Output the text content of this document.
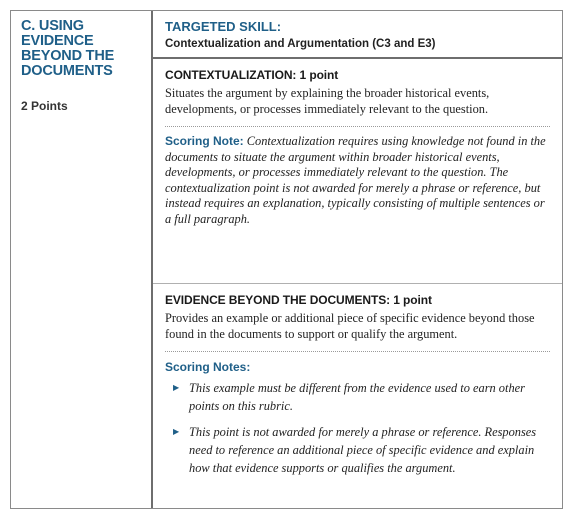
C. USING EVIDENCE BEYOND THE DOCUMENTS
2 Points
TARGETED SKILL:
Contextualization and Argumentation (C3 and E3)
CONTEXTUALIZATION: 1 point
Situates the argument by explaining the broader historical events, developments, or processes immediately relevant to the question.
Scoring Note: Contextualization requires using knowledge not found in the documents to situate the argument within broader historical events, developments, or processes immediately relevant to the question. The contextualization point is not awarded for merely a phrase or reference, but instead requires an explanation, typically consisting of multiple sentences or a full paragraph.
EVIDENCE BEYOND THE DOCUMENTS: 1 point
Provides an example or additional piece of specific evidence beyond those found in the documents to support or qualify the argument.
Scoring Notes:
▶ This example must be different from the evidence used to earn other points on this rubric.
▶ This point is not awarded for merely a phrase or reference. Responses need to reference an additional piece of specific evidence and explain how that evidence supports or qualifies the argument.
